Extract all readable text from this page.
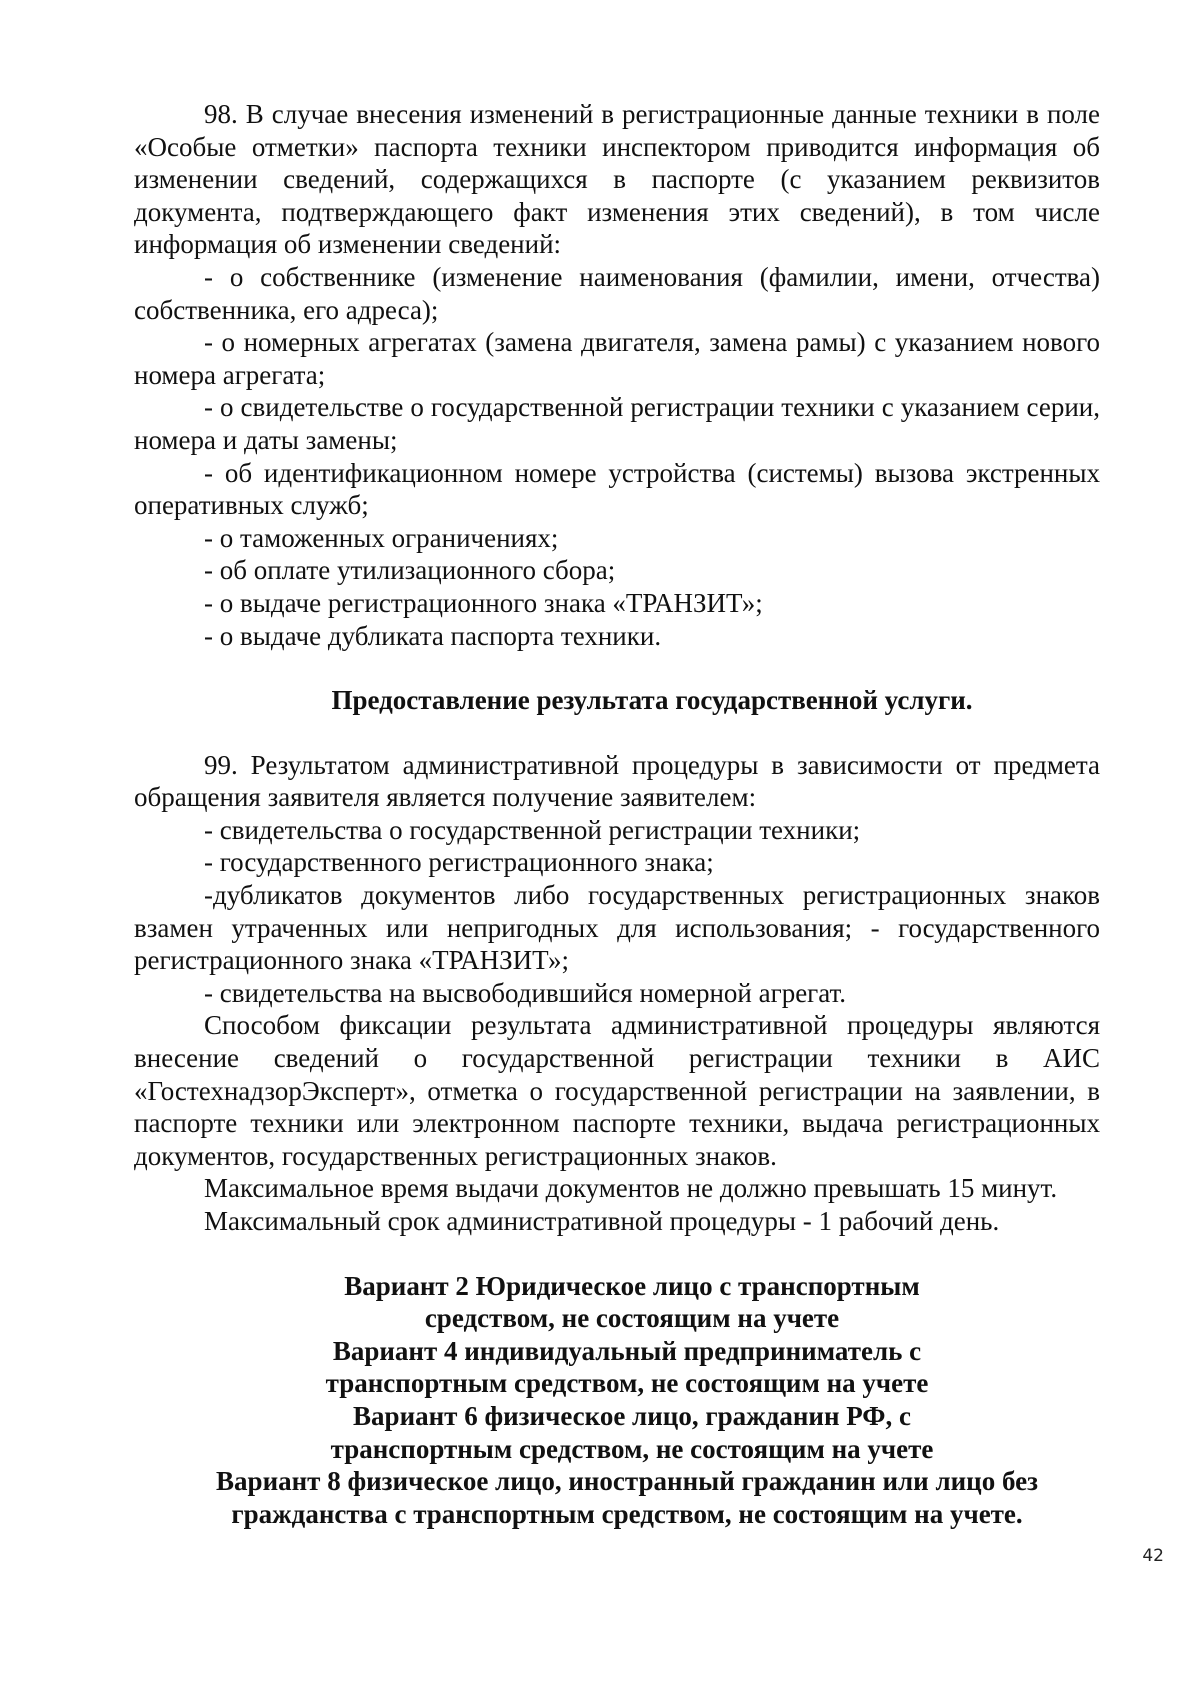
98. В случае внесения изменений в регистрационные данные техники в поле «Особые отметки» паспорта техники инспектором приводится информация об изменении сведений, содержащихся в паспорте (с указанием реквизитов документа, подтверждающего факт изменения этих сведений), в том числе информация об изменении сведений:

- о собственнике (изменение наименования (фамилии, имени, отчества) собственника, его адреса);

- о номерных агрегатах (замена двигателя, замена рамы) с указанием нового номера агрегата;

- о свидетельстве о государственной регистрации техники с указанием серии, номера и даты замены;

- об идентификационном номере устройства (системы) вызова экстренных оперативных служб;

- о таможенных ограничениях;

- об оплате утилизационного сбора;

- о выдаче регистрационного знака «ТРАНЗИТ»;

- о выдаче дубликата паспорта техники.

Предоставление результата государственной услуги.

99. Результатом административной процедуры в зависимости от предмета обращения заявителя является получение заявителем:

- свидетельства о государственной регистрации техники;

- государственного регистрационного знака;

-дубликатов документов либо государственных регистрационных знаков взамен утраченных или непригодных для использования; - государственного регистрационного знака «ТРАНЗИТ»;

- свидетельства на высвободившийся номерной агрегат.

Способом фиксации результата административной процедуры являются внесение сведений о государственной регистрации техники в АИС «ГостехнадзорЭксперт», отметка о государственной регистрации на заявлении, в паспорте техники или электронном паспорте техники, выдача регистрационных документов, государственных регистрационных знаков.

Максимальное время выдачи документов не должно превышать 15 минут.

Максимальный срок административной процедуры - 1 рабочий день.

Вариант 2 Юридическое лицо с транспортным средством, не состоящим на учете

Вариант 4 индивидуальный предприниматель с транспортным средством, не состоящим на учете

Вариант 6 физическое лицо, гражданин РФ, с транспортным средством, не состоящим на учете

Вариант 8 физическое лицо, иностранный гражданин или лицо без гражданства с транспортным средством, не состоящим на учете.

42
